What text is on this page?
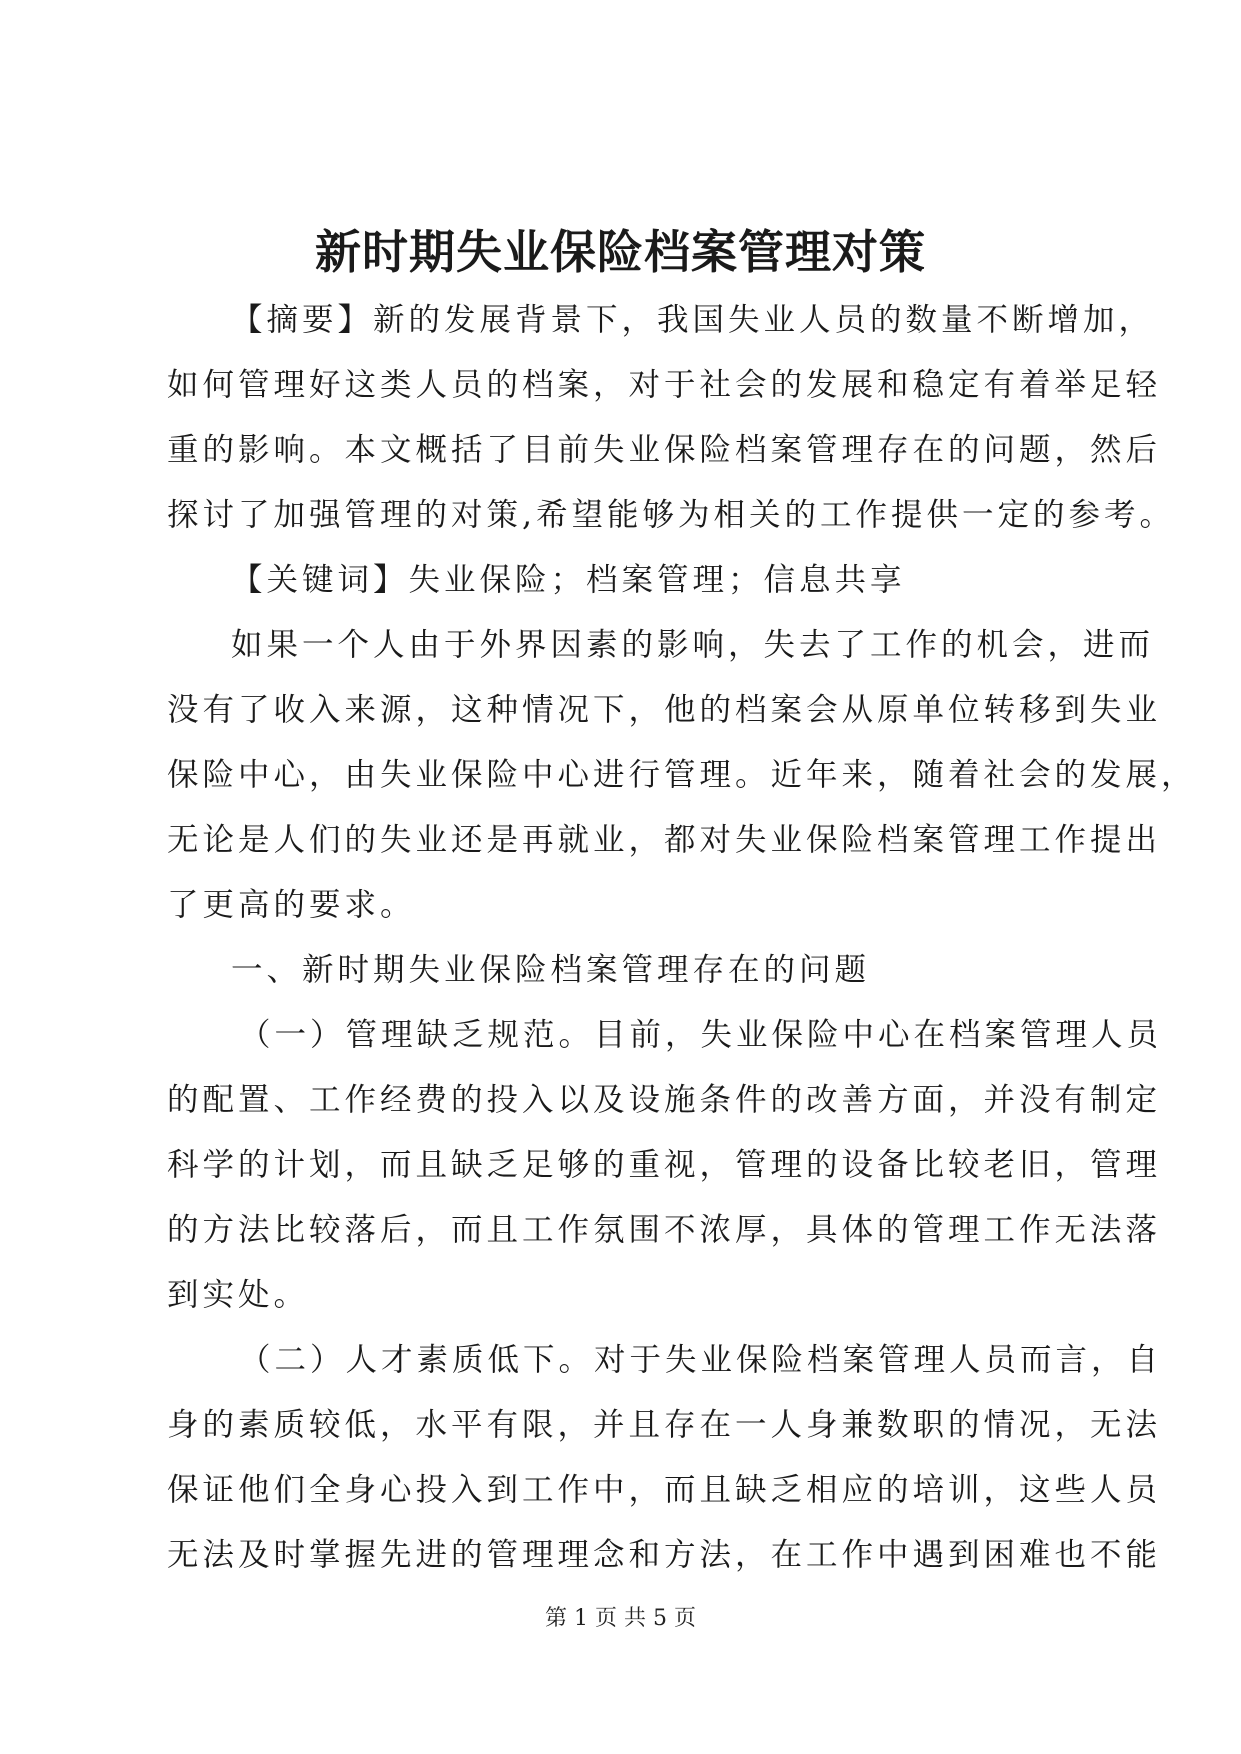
新时期失业保险档案管理对策
【摘要】新的发展背景下，我国失业人员的数量不断增加，
如何管理好这类人员的档案，对于社会的发展和稳定有着举足轻
重的影响。本文概括了目前失业保险档案管理存在的问题，然后
探讨了加强管理的对策,希望能够为相关的工作提供一定的参考。
【关键词】失业保险；档案管理；信息共享
如果一个人由于外界因素的影响，失去了工作的机会，进而
没有了收入来源，这种情况下，他的档案会从原单位转移到失业
保险中心，由失业保险中心进行管理。近年来，随着社会的发展，
无论是人们的失业还是再就业，都对失业保险档案管理工作提出
了更高的要求。
一、新时期失业保险档案管理存在的问题
（一）管理缺乏规范。目前，失业保险中心在档案管理人员
的配置、工作经费的投入以及设施条件的改善方面，并没有制定
科学的计划，而且缺乏足够的重视，管理的设备比较老旧，管理
的方法比较落后，而且工作氛围不浓厚，具体的管理工作无法落
到实处。
（二）人才素质低下。对于失业保险档案管理人员而言，自
身的素质较低，水平有限，并且存在一人身兼数职的情况，无法
保证他们全身心投入到工作中，而且缺乏相应的培训，这些人员
无法及时掌握先进的管理理念和方法，在工作中遇到困难也不能
第 1 页 共 5 页
